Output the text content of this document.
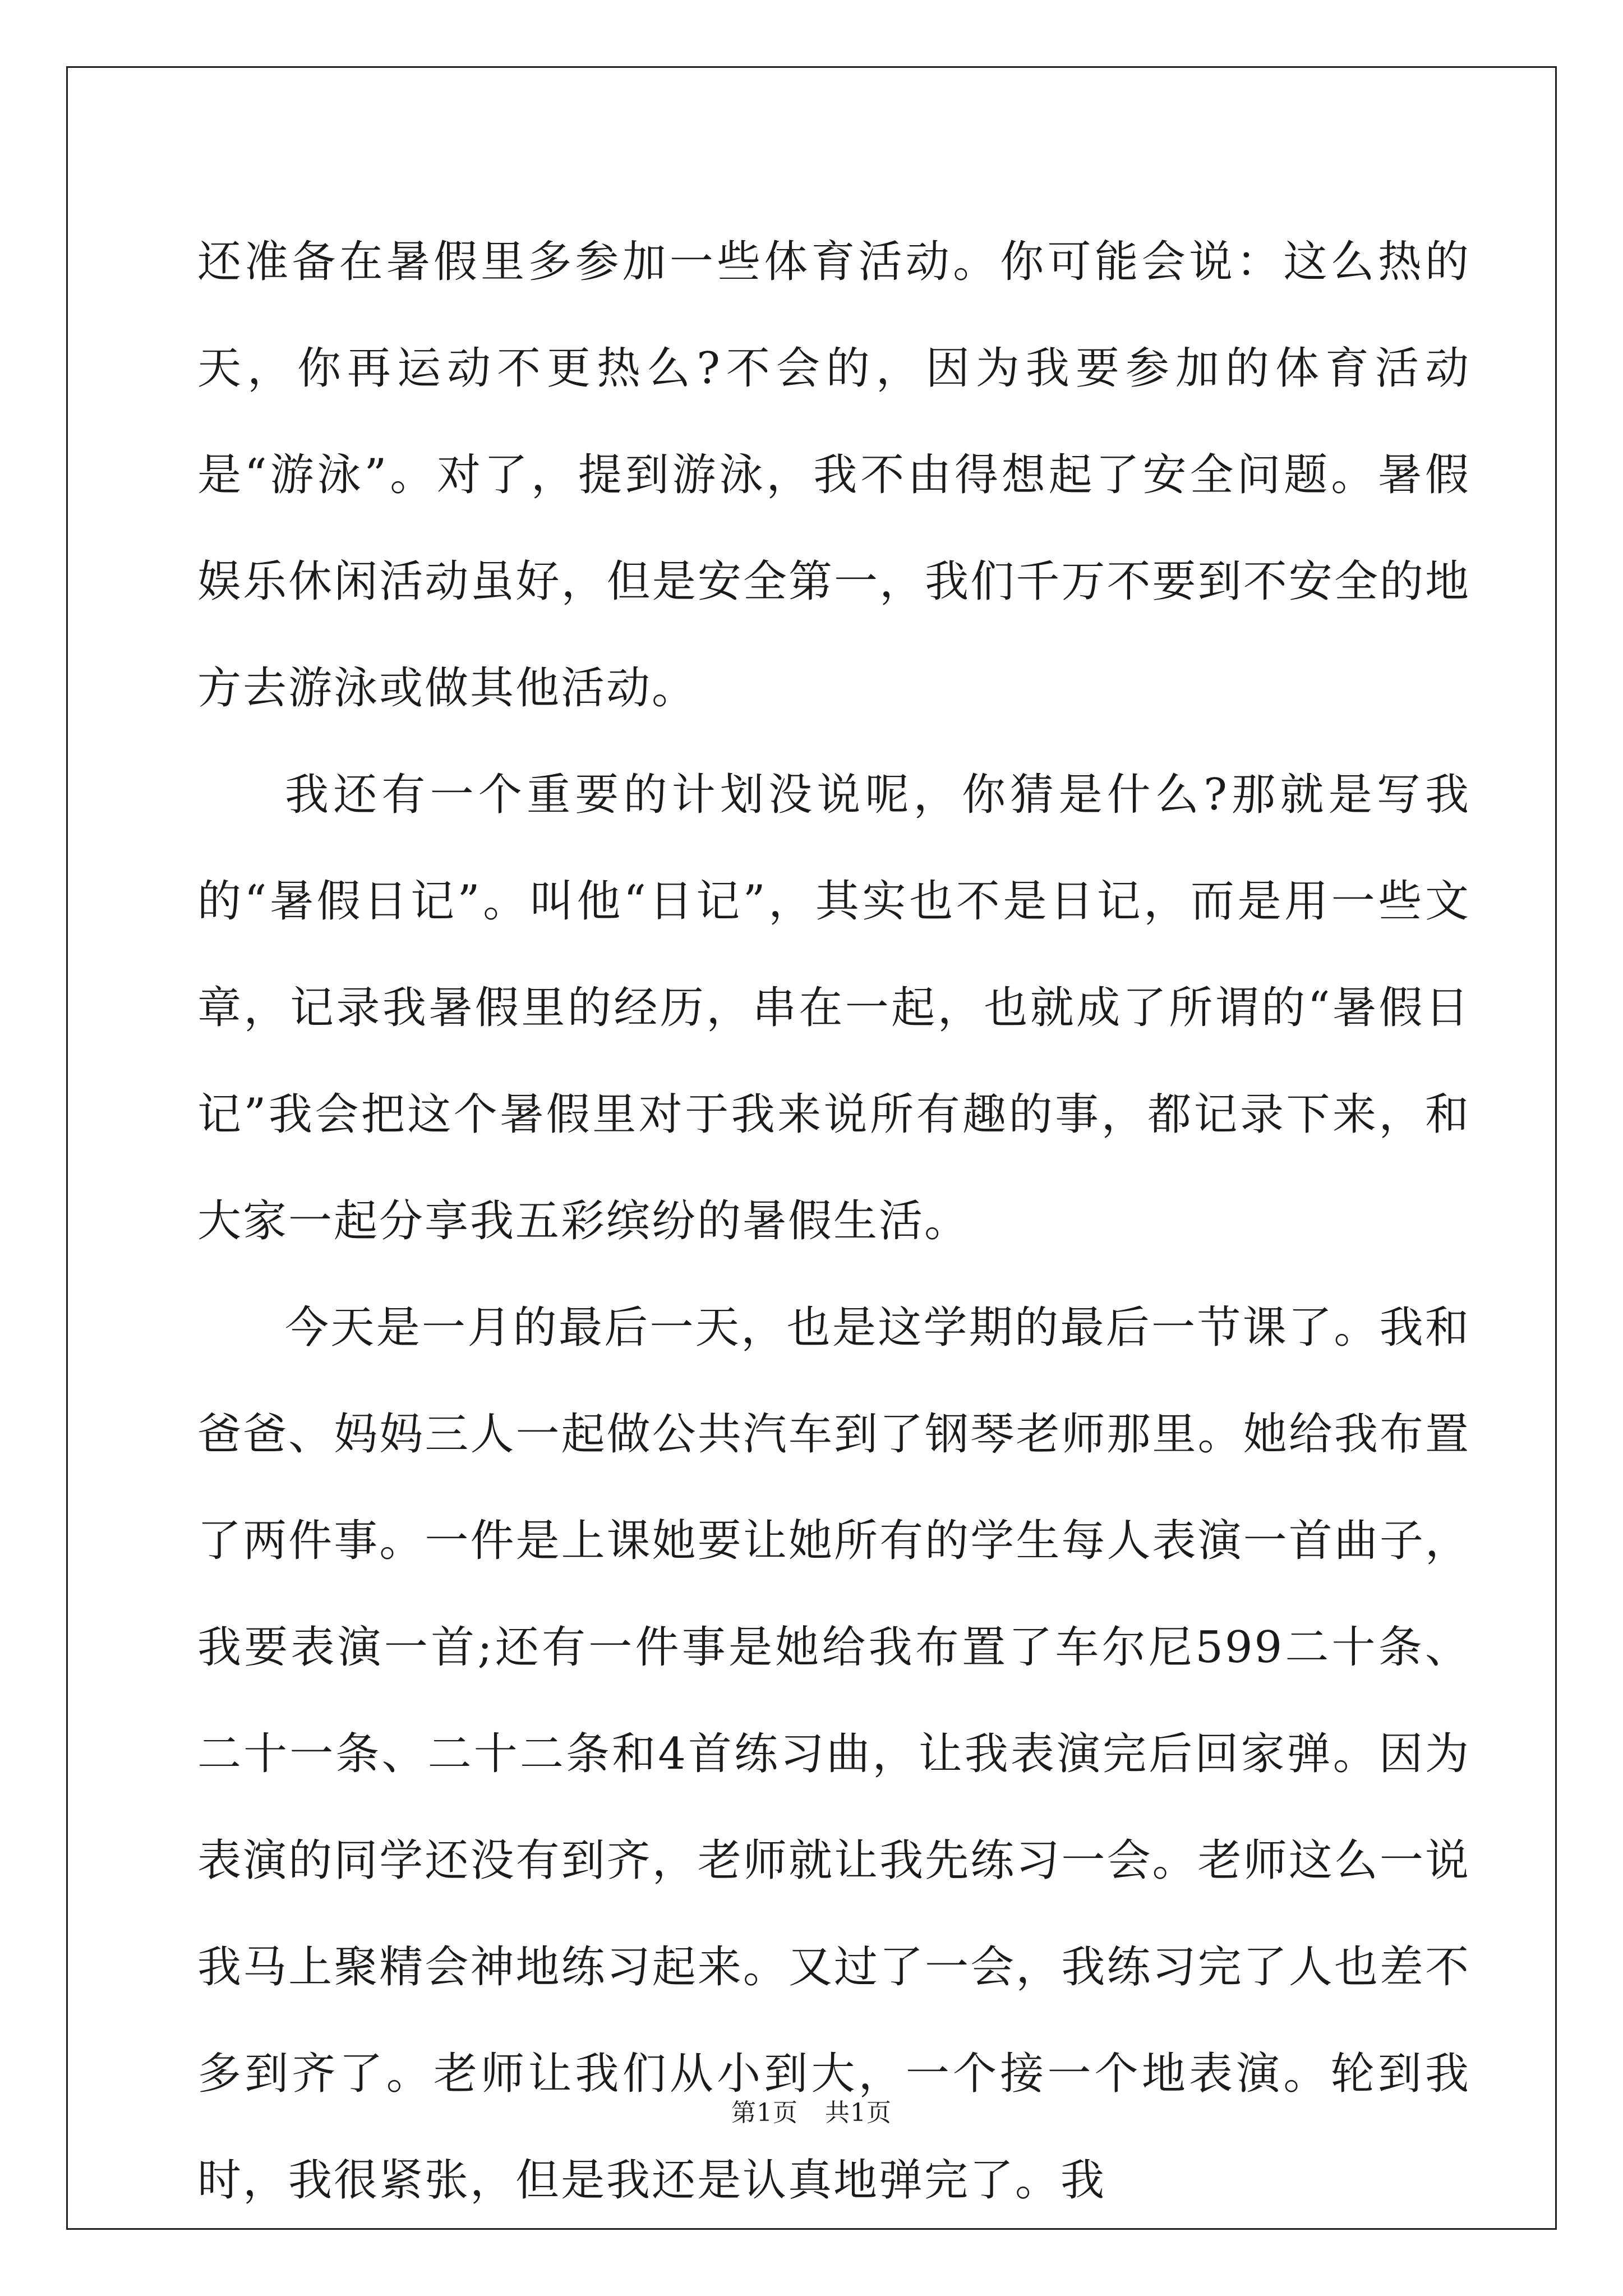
还准备在暑假里多参加一些体育活动。你可能会说：这么热的天，你再运动不更热么?不会的，因为我要参加的体育活动是“游泳”。对了，提到游泳，我不由得想起了安全问题。暑假娱乐休闲活动虽好，但是安全第一，我们千万不要到不安全的地方去游泳或做其他活动。

我还有一个重要的计划没说呢，你猜是什么?那就是写我的“暑假日记”。叫他“日记”，其实也不是日记，而是用一些文章，记录我暑假里的经历，串在一起，也就成了所谓的“暑假日记”我会把这个暑假里对于我来说所有趣的事，都记录下来，和大家一起分享我五彩缤纷的暑假生活。

今天是一月的最后一天，也是这学期的最后一节课了。我和爸爸、妈妈三人一起做公共汽车到了钢琴老师那里。她给我布置了两件事。一件是上课她要让她所有的学生每人表演一首曲子，我要表演一首;还有一件事是她给我布置了车尔尼599二十条、二十一条、二十二条和4首练习曲，让我表演完后回家弹。因为表演的同学还没有到齐，老师就让我先练习一会。老师这么一说我马上聚精会神地练习起来。又过了一会，我练习完了人也差不多到齐了。老师让我们从小到大，一个接一个地表演。轮到我时，我很紧张，但是我还是认真地弹完了。我

第1页 共1页
